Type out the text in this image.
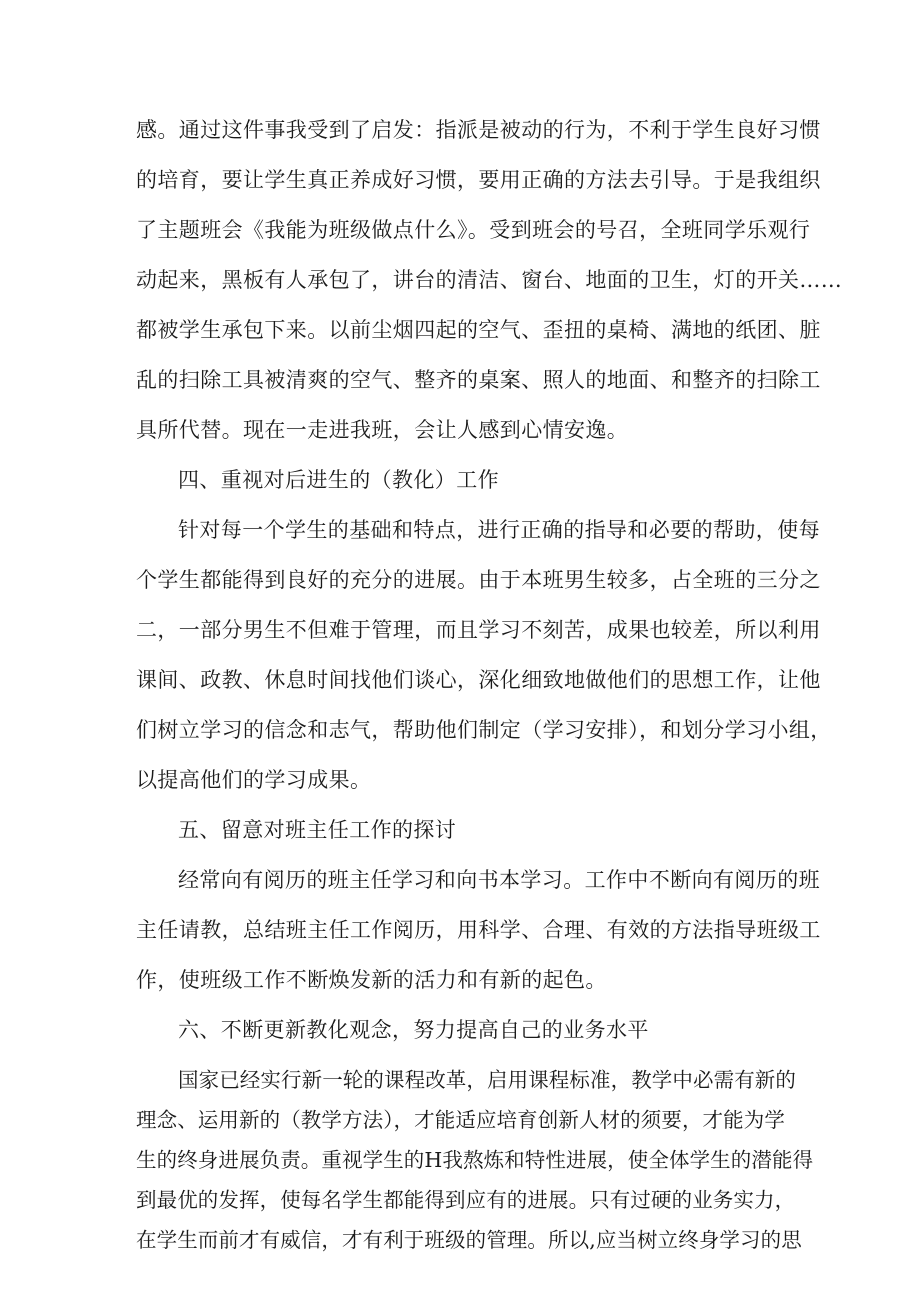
感。通过这件事我受到了启发：指派是被动的行为，不利于学生良好习惯
的培育，要让学生真正养成好习惯，要用正确的方法去引导。于是我组织
了主题班会《我能为班级做点什么》。受到班会的号召，全班同学乐观行
动起来，黑板有人承包了，讲台的清洁、窗台、地面的卫生，灯的开关……
都被学生承包下来。以前尘烟四起的空气、歪扭的桌椅、满地的纸团、脏
乱的扫除工具被清爽的空气、整齐的桌案、照人的地面、和整齐的扫除工
具所代替。现在一走进我班，会让人感到心情安逸。
四、重视对后进生的（教化）工作
针对每一个学生的基础和特点，进行正确的指导和必要的帮助，使每
个学生都能得到良好的充分的进展。由于本班男生较多，占全班的三分之
二，一部分男生不但难于管理，而且学习不刻苦，成果也较差，所以利用
课间、政教、休息时间找他们谈心，深化细致地做他们的思想工作，让他
们树立学习的信念和志气，帮助他们制定（学习安排），和划分学习小组，
以提高他们的学习成果。
五、留意对班主任工作的探讨
经常向有阅历的班主任学习和向书本学习。工作中不断向有阅历的班
主任请教，总结班主任工作阅历，用科学、合理、有效的方法指导班级工
作，使班级工作不断焕发新的活力和有新的起色。
六、不断更新教化观念，努力提高自己的业务水平
国家已经实行新一轮的课程改革，启用课程标准，教学中必需有新的
理念、运用新的（教学方法），才能适应培育创新人材的须要，才能为学
生的终身进展负责。重视学生的H我熬炼和特性进展，使全体学生的潜能得
到最优的发挥，使每名学生都能得到应有的进展。只有过硬的业务实力，
在学生而前才有威信，才有利于班级的管理。所以,应当树立终身学习的思
